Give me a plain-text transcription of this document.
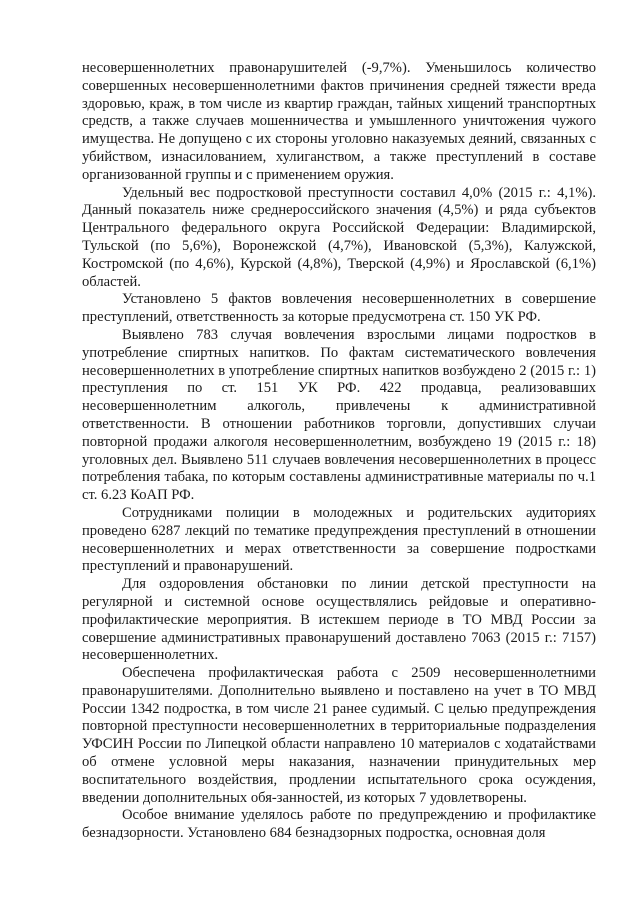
несовершеннолетних правонарушителей (-9,7%). Уменьшилось количество совершенных несовершеннолетними фактов причинения средней тяжести вреда здоровью, краж, в том числе из квартир граждан, тайных хищений транспортных средств, а также случаев мошенничества и умышленного уничтожения чужого имущества. Не допущено с их стороны уголовно наказуемых деяний, связанных с убийством, изнасилованием, хулиганством, а также преступлений в составе организованной группы и с применением оружия.

Удельный вес подростковой преступности составил 4,0% (2015 г.: 4,1%). Данный показатель ниже среднероссийского значения (4,5%) и ряда субъектов Центрального федерального округа Российской Федерации: Владимирской, Тульской (по 5,6%), Воронежской (4,7%), Ивановской (5,3%), Калужской, Костромской (по 4,6%), Курской (4,8%), Тверской (4,9%) и Ярославской (6,1%) областей.

Установлено 5 фактов вовлечения несовершеннолетних в совершение преступлений, ответственность за которые предусмотрена ст. 150 УК РФ.

Выявлено 783 случая вовлечения взрослыми лицами подростков в употребление спиртных напитков. По фактам систематического вовлечения несовершеннолетних в употребление спиртных напитков возбуждено 2 (2015 г.: 1) преступления по ст. 151 УК РФ. 422 продавца, реализовавших несовершеннолетним алкоголь, привлечены к административной ответственности. В отношении работников торговли, допустивших случаи повторной продажи алкоголя несовершеннолетним, возбуждено 19 (2015 г.: 18) уголовных дел. Выявлено 511 случаев вовлечения несовершеннолетних в процесс потребления табака, по которым составлены административные материалы по ч.1 ст. 6.23 КоАП РФ.

Сотрудниками полиции в молодежных и родительских аудиториях проведено 6287 лекций по тематике предупреждения преступлений в отношении несовершеннолетних и мерах ответственности за совершение подростками преступлений и правонарушений.

Для оздоровления обстановки по линии детской преступности на регулярной и системной основе осуществлялись рейдовые и оперативно-профилактические мероприятия. В истекшем периоде в ТО МВД России за совершение административных правонарушений доставлено 7063 (2015 г.: 7157) несовершеннолетних.

Обеспечена профилактическая работа с 2509 несовершеннолетними правонарушителями. Дополнительно выявлено и поставлено на учет в ТО МВД России 1342 подростка, в том числе 21 ранее судимый. С целью предупреждения повторной преступности несовершеннолетних в территориальные подразделения УФСИН России по Липецкой области направлено 10 материалов с ходатайствами об отмене условной меры наказания, назначении принудительных мер воспитательного воздействия, продлении испытательного срока осуждения, введении дополнительных обя-занностей, из которых 7 удовлетворены.

Особое внимание уделялось работе по предупреждению и профилактике безнадзорности. Установлено 684 безнадзорных подростка, основная доля
